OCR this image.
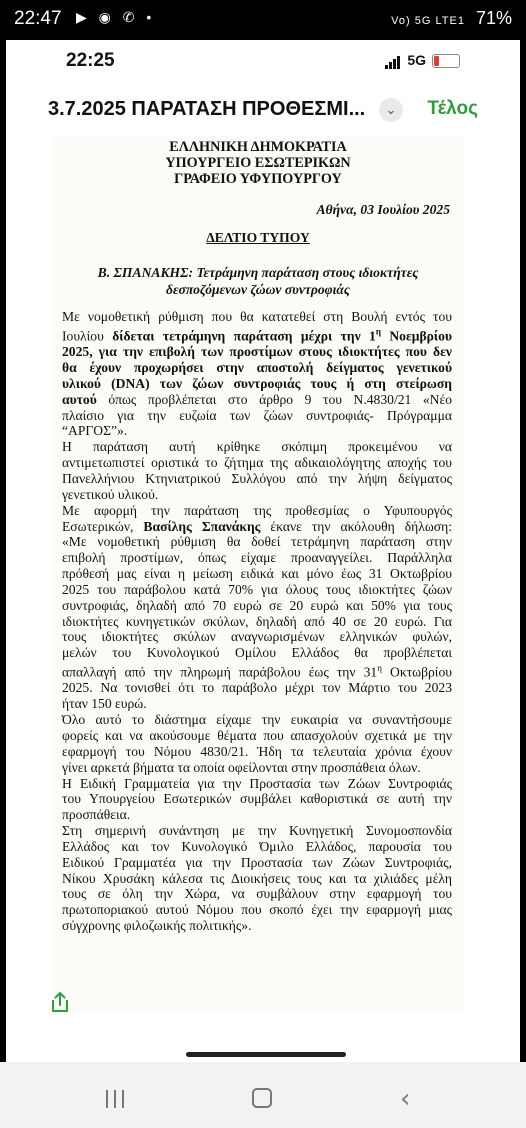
22:47 ▶ ◉ ✆ •	Vo) 5G LTE1 71%
22:25	5G
3.7.2025 ΠΑΡΑΤΑΣΗ ΠΡΟΘΕΣΜΙ...	⌄	Τέλος
ΕΛΛΗΝΙΚΗ ΔΗΜΟΚΡΑΤΙΑ
ΥΠΟΥΡΓΕΙΟ ΕΣΩΤΕΡΙΚΩΝ
ΓΡΑΦΕΙΟ ΥΦΥΠΟΥΡΓΟΥ
Αθήνα, 03 Ιουλίου 2025
ΔΕΛΤΙΟ ΤΥΠΟΥ
Β. ΣΠΑΝΑΚΗΣ: Τετράμηνη παράταση στους ιδιοκτήτες
δεσποζόμενων ζώων συντροφιάς

Με νομοθετική ρύθμιση που θα κατατεθεί στη Βουλή εντός του
Ιουλίου δίδεται τετράμηνη παράταση μέχρι την $1^\eta$ Νοεμβρίου
2025, για την επιβολή των προστίμων στους ιδιοκτήτες που δεν
θα έχουν προχωρήσει στην αποστολή δείγματος γενετικού
υλικού (DNA) των ζώων συντροφιάς τους ή στη στείρωση
αυτού όπως προβλέπεται στο άρθρο 9 του Ν.4830/21 «Νέο
πλαίσιο για την ευζωία των ζώων συντροφιάς- Πρόγραμμα
“ΑΡΓΟΣ”».

Η παράταση αυτή κρίθηκε σκόπιμη προκειμένου να
αντιμετωπιστεί οριστικά το ζήτημα της αδικαιολόγητης αποχής του
Πανελλήνιου Κτηνιατρικού Συλλόγου από την λήψη δείγματος
γενετικού υλικού.

Με αφορμή την παράταση της προθεσμίας ο Υφυπουργός
Εσωτερικών, Βασίλης Σπανάκης έκανε την ακόλουθη δήλωση:
«Με νομοθετική ρύθμιση θα δοθεί τετράμηνη παράταση στην
επιβολή προστίμων, όπως είχαμε προαναγγείλει. Παράλληλα
πρόθεσή μας είναι η μείωση ειδικά και μόνο έως 31 Οκτωβρίου
2025 του παράβολου κατά 70% για όλους τους ιδιοκτήτες ζώων
συντροφιάς, δηλαδή από 70 ευρώ σε 20 ευρώ και 50% για τους
ιδιοκτήτες κυνηγετικών σκύλων, δηλαδή από 40 σε 20 ευρώ. Για
τους ιδιοκτήτες σκύλων αναγνωρισμένων ελληνικών φυλών,
μελών του Κυνολογικού Ομίλου Ελλάδος θα προβλέπεται
απαλλαγή από την πληρωμή παράβολου έως την $31^\eta$ Οκτωβρίου
2025. Να τονισθεί ότι το παράβολο μέχρι τον Μάρτιο του 2023
ήταν 150 ευρώ.

Όλο αυτό το διάστημα είχαμε την ευκαιρία να συναντήσουμε
φορείς και να ακούσουμε θέματα που απασχολούν σχετικά με την
εφαρμογή του Νόμου 4830/21. Ήδη τα τελευταία χρόνια έχουν
γίνει αρκετά βήματα τα οποία οφείλονται στην προσπάθεια όλων.

Η Ειδική Γραμματεία για την Προστασία των Ζώων Συντροφιάς
του Υπουργείου Εσωτερικών συμβάλει καθοριστικά σε αυτή την
προσπάθεια.

Στη σημερινή συνάντηση με την Κυνηγετική Συνομοσπονδία
Ελλάδος και τον Κυνολογικό Όμιλο Ελλάδος, παρουσία του
Ειδικού Γραμματέα για την Προστασία των Ζώων Συντροφιάς,
Νίκου Χρυσάκη κάλεσα τις Διοικήσεις τους και τα χιλιάδες μέλη
τους σε όλη την Χώρα, να συμβάλουν στην εφαρμογή του
πρωτοποριακού αυτού Νόμου που σκοπό έχει την εφαρμογή μιας
σύγχρονης φιλοζωικής πολιτικής».

‹
